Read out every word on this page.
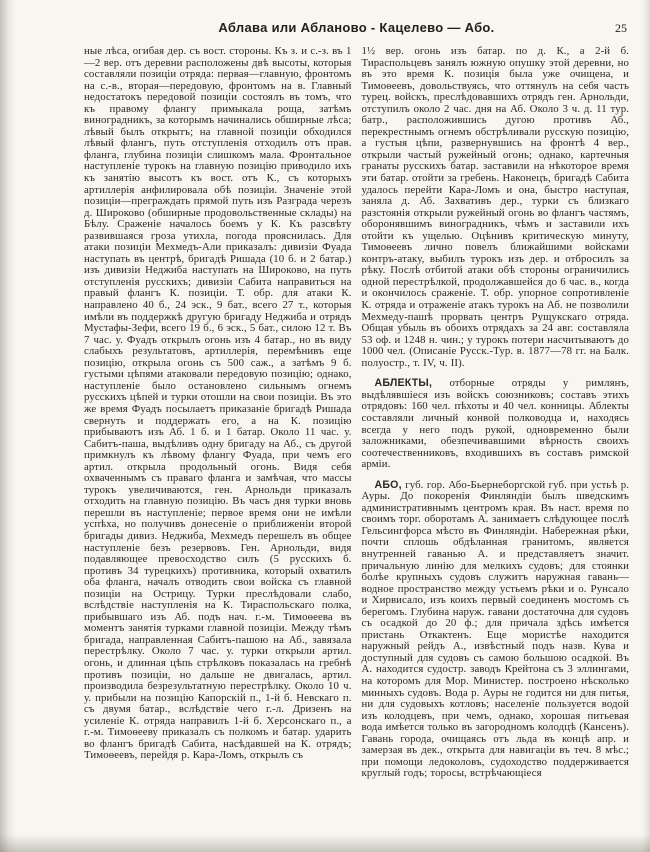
Аблава или Абланово - Кацелево — Або.	25

ные лѣса, огибая дер. съ вост. стороны. Къ з. и с.-з. въ 1—2 вер. отъ деревни расположены двѣ высоты, которыя составляли позиціи отряда: первая—главную, фронтомъ на с.-в., вторая—передовую, фронтомъ на в. Главный недостатокъ передовой позиціи состоялъ въ томъ, что къ правому флангу примыкала роща, затѣмъ виноградникъ, за которымъ начинались обширные лѣса; лѣвый былъ открытъ; на главной позиціи обходился лѣвый флангъ, путь отступленія отходилъ отъ прав. фланга, глубина позиціи слишкомъ мала. Фронтальное наступленіе турокъ на главную позицію приводило ихъ къ занятію высотъ къ вост. отъ К., съ которыхъ артиллерія анфилировала обѣ позиціи. Значеніе этой позиціи—преграждать прямой путь изъ Разграда черезъ д. Широково (обширные продовольственные склады) на Бѣлу. Сраженіе началось боемъ у К. Къ разсвѣту развившаяся гроза утихла, погода прояснилась. Для атаки позиціи Мехмедъ-Али приказалъ: дивизіи Фуада наступать въ центрѣ, бригадѣ Ришада (10 б. и 2 батар.) изъ дивизіи Неджиба наступать на Широково, на путь отступленія русскихъ; дивизіи Сабита направиться на правый флангъ К. позиціи. Т. обр. для атаки К. направлено 40 б., 24 эск., 9 бат., всего 27 т., которыя имѣли въ поддержкѣ другую бригаду Неджиба и отрядъ Мустафы-Зефи, всего 19 б., 6 эск., 5 бат., силою 12 т. Въ 7 час. у. Фуадъ открылъ огонь изъ 4 батар., но въ виду слабыхъ результатовъ, артиллерія, перемѣнивъ еще позицію, открыла огонь съ 500 саж., а затѣмъ 9 б. густыми цѣпями атаковали передовую позицію; однако, наступленіе было остановлено сильнымъ огнемъ русскихъ цѣпей и турки отошли на свои позиціи. Въ это же время Фуадъ посылаетъ приказаніе бригадѣ Ришада свернуть и поддержать его, а на К. позицію прибываютъ изъ Аб. 1 б. и 1 батар. Около 11 час. у. Сабитъ-паша, выдѣливъ одну бригаду на Аб., съ другой примкнулъ къ лѣвому флангу Фуада, при чемъ его артил. открыла продольный огонь. Видя себя охваченнымъ съ праваго фланга и замѣчая, что массы турокъ увеличиваются, ген. Арнольди приказалъ отходить на главную позицію. Въ часъ дня турки вновь перешли въ наступленіе; первое время они не имѣли успѣха, но получивъ донесеніе о приближеніи второй бригады дивиз. Неджиба, Мехмедъ перешелъ въ общее наступленіе безъ резервовъ. Ген. Арнольди, видя подавляющее превосходство силъ (5 русскихъ б. противъ 34 турецкихъ) противника, который охватилъ оба фланга, началъ отводить свои войска съ главной позиціи на Острицу. Турки преслѣдовали слабо, вслѣдствіе наступленія на К. Тираспольскаго полка, прибывшаго изъ Аб. подъ нач. г.-м. Тимоѳеева въ моментъ занятія турками главной позиціи. Между тѣмъ бригада, направленная Сабитъ-пашою на Аб., завязала перестрѣлку. Около 7 час. у. турки открыли артил. огонь, и длинная цѣпь стрѣлковъ показалась на гребнѣ противъ позиціи, но дальше не двигалась, артил. производила безрезультатную перестрѣлку. Около 10 ч. у. прибыли на позицію Капорскій п., 1-й б. Невскаго п. съ двумя батар., вслѣдствіе чего г.-л. Дризенъ на усиленіе К. отряда направилъ 1-й б. Херсонскаго п., а г.-м. Тимоѳееву приказалъ съ полкомъ и батар. ударить во флангъ бригадѣ Сабита, насѣдавшей на К. отрядъ; Тимоѳеевъ, перейдя р. Кара-Ломъ, открылъ съ

1½ вер. огонь изъ батар. по д. К., а 2-й б. Тираспольцевъ занялъ южную опушку этой деревни, но въ это время К. позиція была уже очищена, и Тимоѳеевъ, довольствуясь, что оттянулъ на себя часть турец. войскъ, преслѣдовавшихъ отрядъ ген. Арнольди, отступилъ около 2 час. дня на Аб. Около 3 ч. д. 11 тур. батр., расположившись дугою противъ Аб., перекрестнымъ огнемъ обстрѣливали русскую позицію, а густыя цѣпи, развернувшись на фронтѣ 4 вер., открыли частый ружейный огонь; однако, картечныя гранаты русскихъ батар. заставили на нѣкоторое время эти батар. отойти за гребень. Наконецъ, бригадѣ Сабита удалось перейти Кара-Ломъ и она, быстро наступая, заняла д. Аб. Захвативъ дер., турки съ близкаго разстоянія открыли ружейный огонь во флангъ частямъ, оборонявшимъ виноградникъ, чѣмъ и заставили ихъ отойти къ ущелью. Оцѣнивъ критическую минуту, Тимоѳеевъ лично повелъ ближайшими войсками контръ-атаку, выбилъ турокъ изъ дер. и отбросилъ за рѣку. Послѣ отбитой атаки обѣ стороны ограничились одной перестрѣлкой, продолжавшейся до 6 час. в., когда и окончилось сраженіе. Т. обр. упорное сопротивленіе К. отряда и отраженіе атакъ турокъ на Аб. не позволили Мехмеду-пашѣ прорвать центръ Рущукскаго отряда. Общая убыль въ обоихъ отрядахъ за 24 авг. составляла 53 оф. и 1248 н. чин.; у турокъ потери насчитываютъ до 1000 чел. (Описаніе Русск.-Тур. в. 1877—78 гг. на Балк. полуостр., т. IV, ч. II).

АБЛЕКТЫ, отборные отряды у римлянъ, выдѣлявшіеся изъ войскъ союзниковъ; составъ этихъ отрядовъ: 160 чел. пѣхоты и 40 чел. конницы. Аблекты составляли личный конвой полководца и, находясь всегда у него подъ рукой, одновременно были заложниками, обезпечивавшими вѣрность своихъ соотечественниковъ, входившихъ въ составъ римской арміи.

АБО, губ. гор. Або-Бьернеборгской губ. при устьѣ р. Ауры. До покоренія Финляндіи былъ шведскимъ административнымъ центромъ края. Въ наст. время по своимъ торг. оборотамъ А. занимаетъ слѣдующее послѣ Гельсингфорса мѣсто въ Финляндіи. Набережная рѣки, почти сплошь обдѣланная гранитомъ, является внутренней гаванью А. и представляетъ значит. причальную линію для мелкихъ судовъ; для стоянки болѣе крупныхъ судовъ служитъ наружная гавань—водное пространство между устьемъ рѣки и о. Рунсало и Хирвисало, изъ коихъ первый соединенъ мостомъ съ берегомъ. Глубина наруж. гавани достаточна для судовъ съ осадкой до 20 ф.; для причала здѣсь имѣется пристань Откактенъ. Еще мористѣе находится наружный рейдъ А., извѣстный подъ назв. Кува и доступный для судовъ съ самою большою осадкой. Въ А. находится судостр. заводъ Крейтона съ 3 эллингами, на которомъ для Мор. Министер. построено нѣсколько минныхъ судовъ. Вода р. Ауры не годится ни для питья, ни для судовыхъ котловъ; населеніе пользуется водой изъ колодцевъ, при чемъ, однако, хорошая питьевая вода имѣется только въ загородномъ колодцѣ (Кансенъ). Гавань города, очищаясь отъ льда въ концѣ апр. и замерзая въ дек., открыта для навигаціи въ теч. 8 мѣс.; при помощи ледоколовъ, судоходство поддерживается круглый годъ; торосы, встрѣчающіеся
